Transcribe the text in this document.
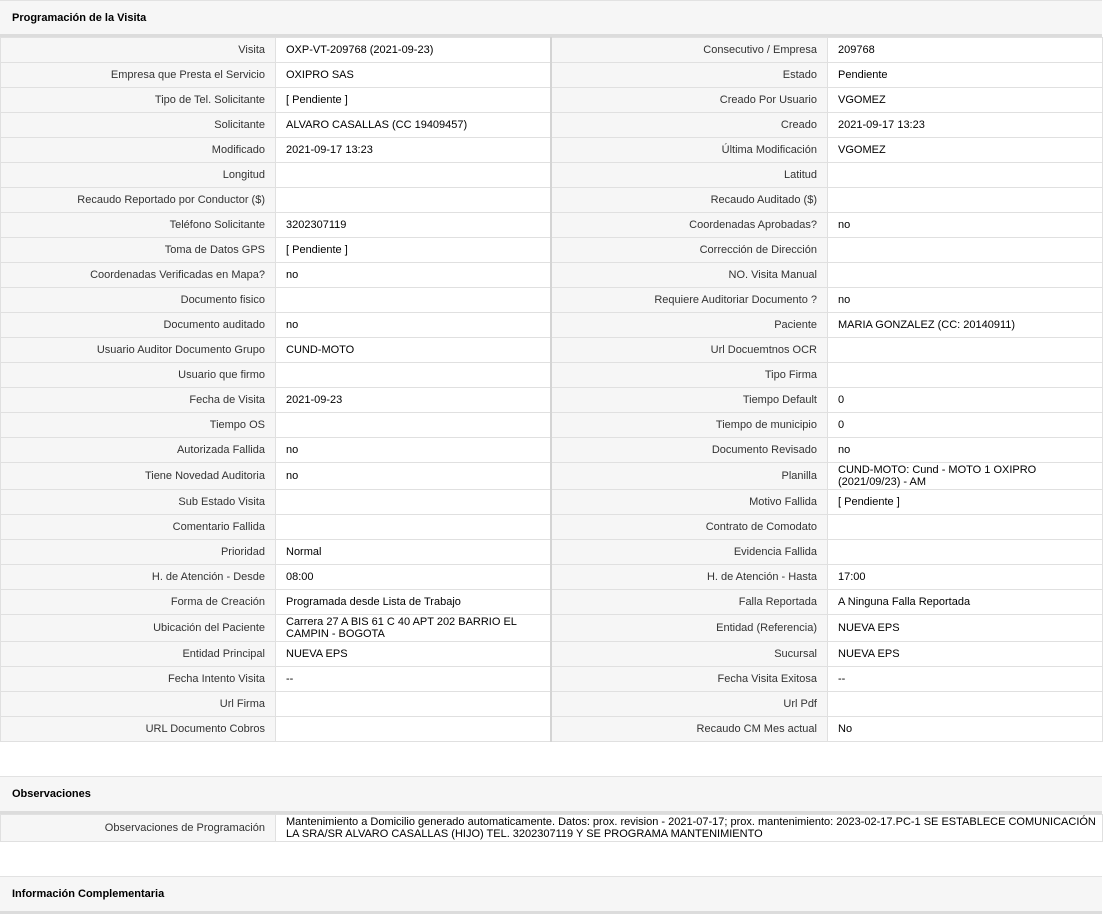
Programación de la Visita
Visita	OXP-VT-209768 (2021-09-23)	Consecutivo / Empresa	209768
Empresa que Presta el Servicio	OXIPRO SAS	Estado	Pendiente
Tipo de Tel. Solicitante	[ Pendiente ]	Creado Por Usuario	VGOMEZ
Solicitante	ALVARO CASALLAS (CC 19409457)	Creado	2021-09-17 13:23
Modificado	2021-09-17 13:23	Última Modificación	VGOMEZ
Longitud		Latitud	
Recaudo Reportado por Conductor ($)		Recaudo Auditado ($)	
Teléfono Solicitante	3202307119	Coordenadas Aprobadas?	no
Toma de Datos GPS	[ Pendiente ]	Corrección de Dirección	
Coordenadas Verificadas en Mapa?	no	NO. Visita Manual	
Documento fisico		Requiere Auditoriar Documento ?	no
Documento auditado	no	Paciente	MARIA GONZALEZ (CC: 20140911)
Usuario Auditor Documento Grupo	CUND-MOTO	Url Docuemtnos OCR	
Usuario que firmo		Tipo Firma	
Fecha de Visita	2021-09-23	Tiempo Default	0
Tiempo OS		Tiempo de municipio	0
Autorizada Fallida	no	Documento Revisado	no
Tiene Novedad Auditoria	no	Planilla	CUND-MOTO: Cund - MOTO 1 OXIPRO (2021/09/23) - AM
Sub Estado Visita		Motivo Fallida	[ Pendiente ]
Comentario Fallida		Contrato de Comodato	
Prioridad	Normal	Evidencia Fallida	
H. de Atención - Desde	08:00	H. de Atención - Hasta	17:00
Forma de Creación	Programada desde Lista de Trabajo	Falla Reportada	A Ninguna Falla Reportada
Ubicación del Paciente	Carrera 27 A BIS 61 C 40 APT 202 BARRIO EL CAMPIN - BOGOTA	Entidad (Referencia)	NUEVA EPS
Entidad Principal	NUEVA EPS	Sucursal	NUEVA EPS
Fecha Intento Visita	--	Fecha Visita Exitosa	--
Url Firma		Url Pdf	
URL Documento Cobros		Recaudo CM Mes actual	No
Observaciones
Observaciones de Programación	Mantenimiento a Domicilio generado automaticamente. Datos: prox. revision - 2021-07-17; prox. mantenimiento: 2023-02-17.PC-1 SE ESTABLECE COMUNICACIÓN LA SRA/SR ALVARO CASALLAS (HIJO) TEL. 3202307119 Y SE PROGRAMA MANTENIMIENTO
Información Complementaria
